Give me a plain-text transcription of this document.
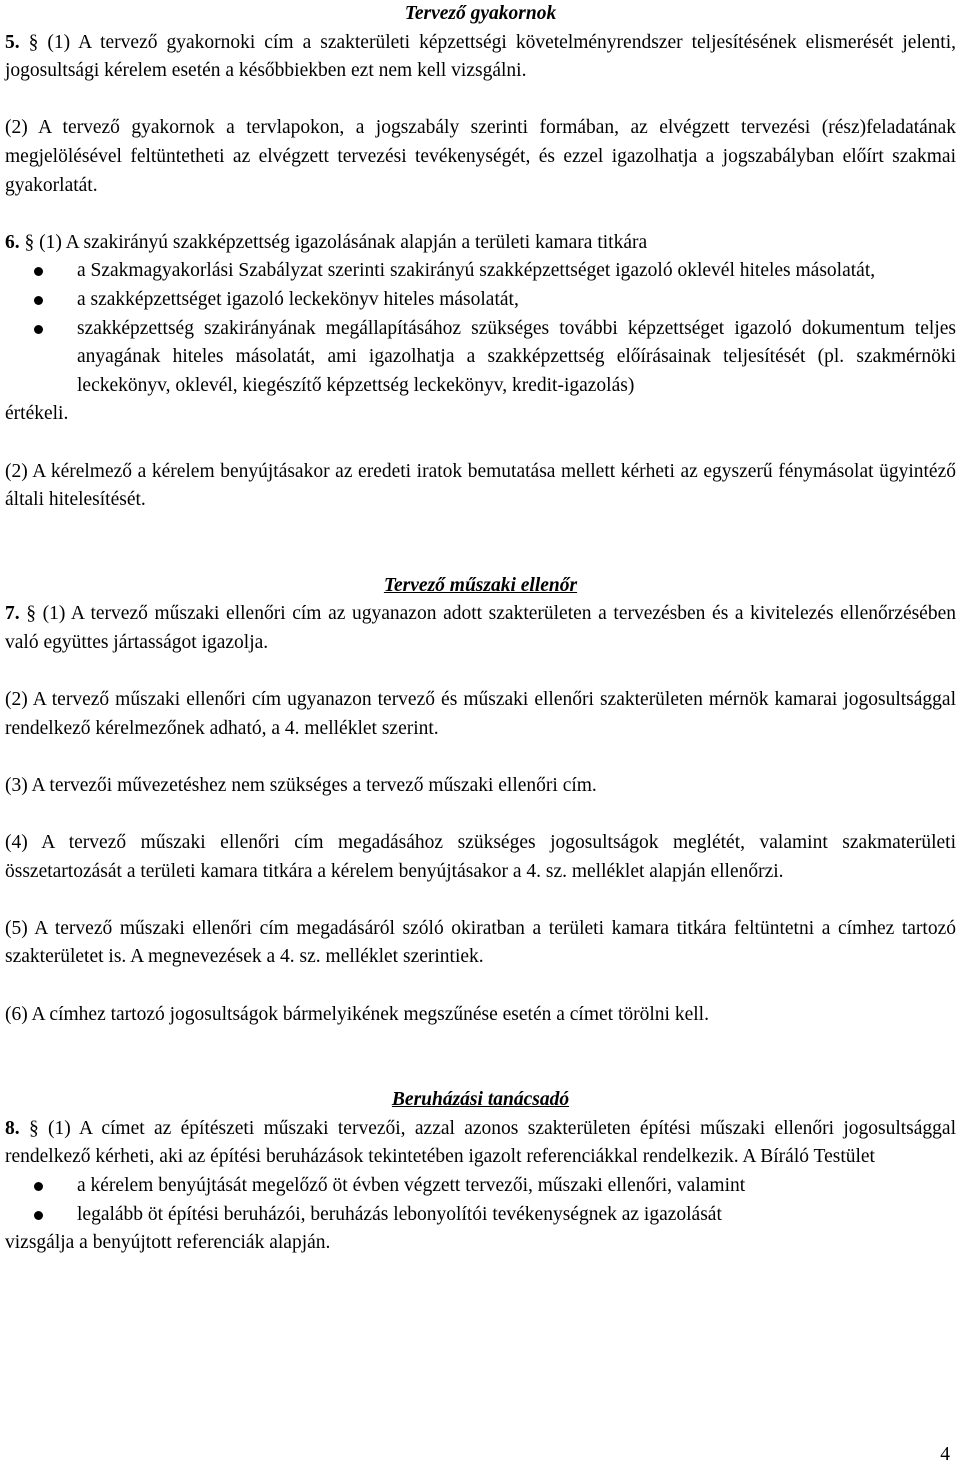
Tervező gyakornok

5. § (1) A tervező gyakornoki cím a szakterületi képzettségi követelményrendszer teljesítésének elismerését jelenti, jogosultsági kérelem esetén a későbbiekben ezt nem kell vizsgálni.

(2) A tervező gyakornok a tervlapokon, a jogszabály szerinti formában, az elvégzett tervezési (rész)feladatának megjelölésével feltüntetheti az elvégzett tervezési tevékenységét, és ezzel igazolhatja a jogszabályban előírt szakmai gyakorlatát.

6. § (1) A szakirányú szakképzettség igazolásának alapján a területi kamara titkára

a Szakmagyakorlási Szabályzat szerinti szakirányú szakképzettséget igazoló oklevél hiteles másolatát,
a szakképzettséget igazoló leckekönyv hiteles másolatát,
szakképzettség szakirányának megállapításához szükséges további képzettséget igazoló dokumentum teljes anyagának hiteles másolatát, ami igazolhatja a szakképzettség előírásainak teljesítését (pl. szakmérnöki leckekönyv, oklevél, kiegészítő képzettség leckekönyv, kredit-igazolás)

értékeli.

(2) A kérelmező a kérelem benyújtásakor az eredeti iratok bemutatása mellett kérheti az egyszerű fénymásolat ügyintéző általi hitelesítését.

Tervező műszaki ellenőr

7. § (1) A tervező műszaki ellenőri cím az ugyanazon adott szakterületen a tervezésben és a kivitelezés ellenőrzésében való együttes jártasságot igazolja.

(2) A tervező műszaki ellenőri cím ugyanazon tervező és műszaki ellenőri szakterületen mérnök kamarai jogosultsággal rendelkező kérelmezőnek adható, a 4. melléklet szerint.

(3) A tervezői művezetéshez nem szükséges a tervező műszaki ellenőri cím.

(4) A tervező műszaki ellenőri cím megadásához szükséges jogosultságok meglétét, valamint szakmaterületi összetartozását a területi kamara titkára a kérelem benyújtásakor a 4. sz. melléklet alapján ellenőrzi.

(5) A tervező műszaki ellenőri cím megadásáról szóló okiratban a területi kamara titkára feltüntetni a címhez tartozó szakterületet is. A megnevezések a 4. sz. melléklet szerintiek.

(6) A címhez tartozó jogosultságok bármelyikének megszűnése esetén a címet törölni kell.

Beruházási tanácsadó

8. § (1) A címet az építészeti műszaki tervezői, azzal azonos szakterületen építési műszaki ellenőri jogosultsággal rendelkező kérheti, aki az építési beruházások tekintetében igazolt referenciákkal rendelkezik. A Bíráló Testület

a kérelem benyújtását megelőző öt évben végzett tervezői, műszaki ellenőri, valamint
legalább öt építési beruházói, beruházás lebonyolítói tevékenységnek az igazolását

vizsgálja a benyújtott referenciák alapján.

4
